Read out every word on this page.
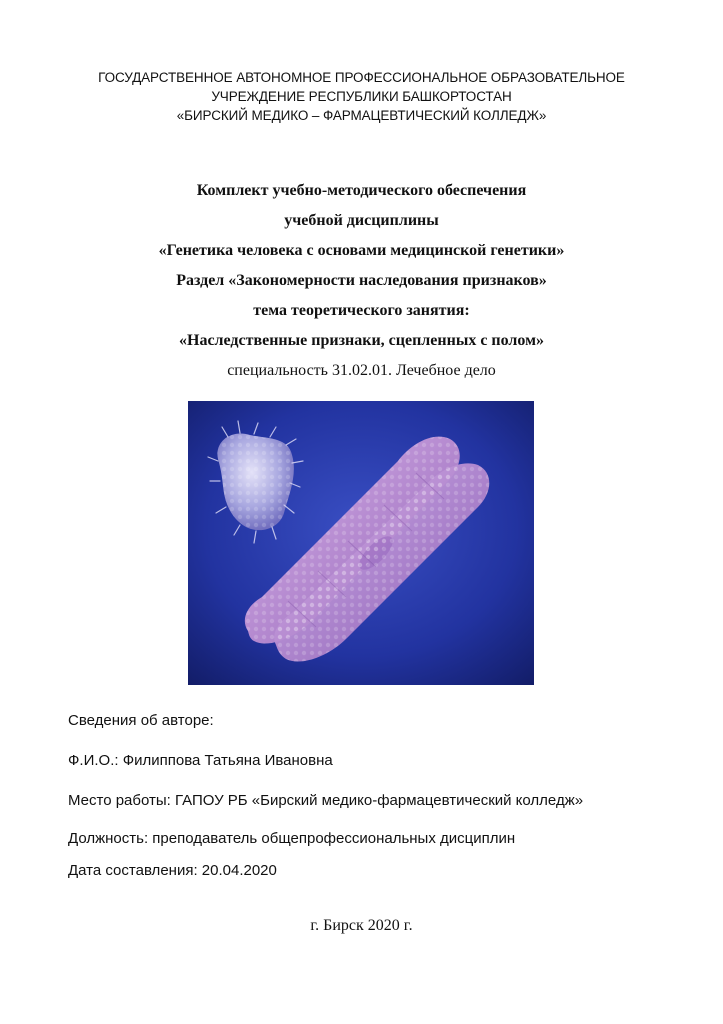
ГОСУДАРСТВЕННОЕ АВТОНОМНОЕ ПРОФЕССИОНАЛЬНОЕ ОБРАЗОВАТЕЛЬНОЕ
УЧРЕЖДЕНИЕ РЕСПУБЛИКИ БАШКОРТОСТАН
«БИРСКИЙ МЕДИКО – ФАРМАЦЕВТИЧЕСКИЙ КОЛЛЕДЖ»
Комплект учебно-методического обеспечения
учебной дисциплины
«Генетика человека с основами медицинской генетики»
Раздел «Закономерности наследования признаков»
тема теоретического занятия:
«Наследственные признаки, сцепленных с полом»
специальность 31.02.01. Лечебное дело
Сведения об авторе:
Ф.И.О.: Филиппова Татьяна Ивановна
Место работы: ГАПОУ РБ «Бирский медико-фармацевтический колледж»
Должность: преподаватель общепрофессиональных дисциплин
Дата составления: 20.04.2020
г. Бирск 2020 г.
